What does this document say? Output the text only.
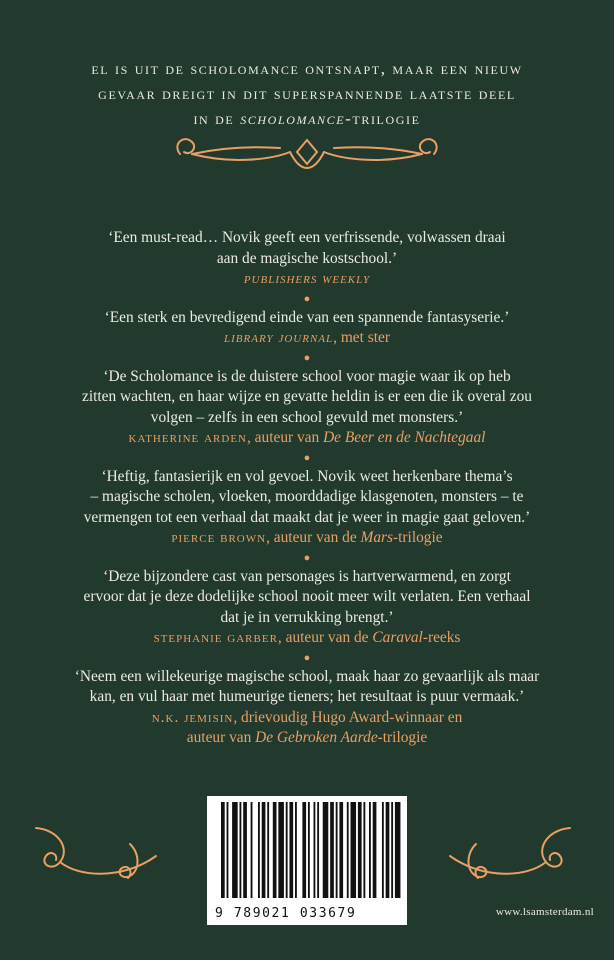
el is uit de scholomance ontsnapt, maar een nieuw
gevaar dreigt in dit superspannende laatste deel
in de scholomance-trilogie
‘Een must-read… Novik geeft een verfrissende, volwassen draai
aan de magische kostschool.’
publishers weekly
●
‘Een sterk en bevredigend einde van een spannende fantasyserie.’
library journal, met ster
●
‘De Scholomance is de duisterе school voor magie waar ik op heb
zitten wachten, en haar wijze en gevatte heldin is er een die ik overal zou
volgen – zelfs in een school gevuld met monsters.’
katherine arden, auteur van De Beer en de Nachtegaal
●
‘Heftig, fantasierijk en vol gevoel. Novik weet herkenbare thema’s
– magische scholen, vloeken, moorddadige klasgenoten, monsters – te
vermengen tot een verhaal dat maakt dat je weer in magie gaat geloven.’
pierce brown, auteur van de Mars-trilogie
●
‘Deze bijzondere cast van personages is hartverwarmend, en zorgt
ervoor dat je deze dodelijke school nooit meer wilt verlaten. Een verhaal
dat je in verrukking brengt.’
stephanie garber, auteur van de Caraval-reeks
●
‘Neem een willekeurige magische school, maak haar zo gevaarlijk als maar
kan, en vul haar met humeurige tieners; het resultaat is puur vermaak.’
n.k. jemisin, drievoudig Hugo Award-winnaar en
auteur van De Gebroken Aarde-trilogie
9 789021 033679	www.lsamsterdam.nl
